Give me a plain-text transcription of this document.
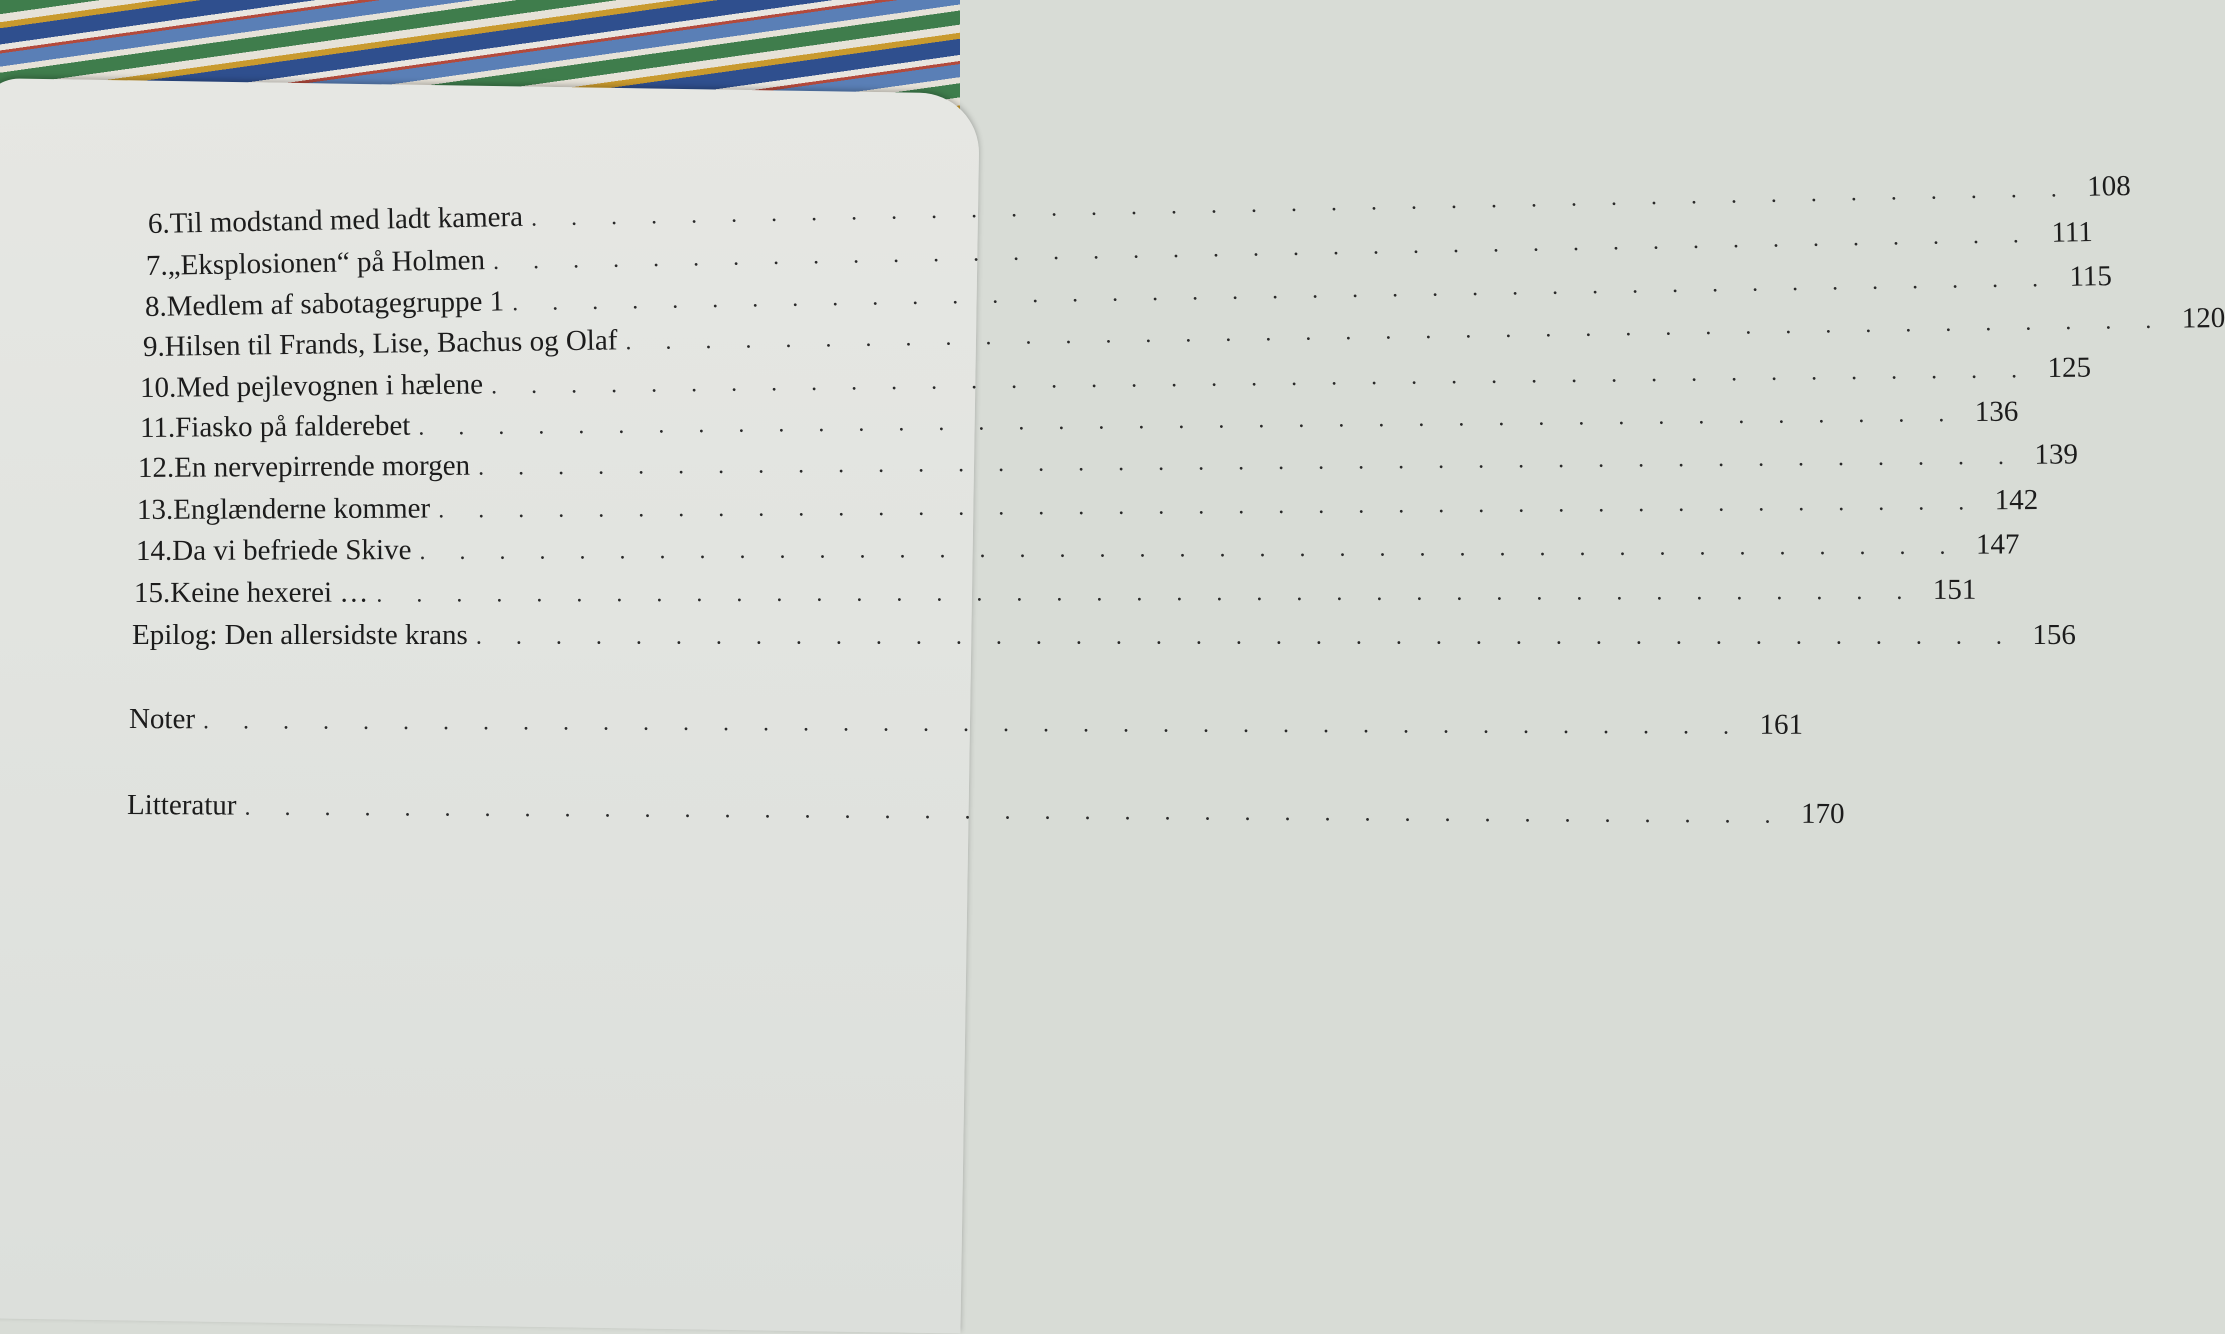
6. Til modstand med ladt kamera . . . . . . . . . . . . . . . . . . . . . . . . . . . . . . . . . . . . . . . 108
7. „Eksplosionen“ på Holmen . . . . . . . . . . . . . . . . . . . . . . . . . . . . . . . . . . . . . . . 111
8. Medlem af sabotagegruppe 1 . . . . . . . . . . . . . . . . . . . . . . . . . . . . . . . . . . . . . . . 115
9. Hilsen til Frands, Lise, Bachus og Olaf . . . . . . . . . . . . . . . . . . . . . . . . . . . . . . . . . . . . . . . 120
10. Med pejlevognen i hælene . . . . . . . . . . . . . . . . . . . . . . . . . . . . . . . . . . . . . . . 125
11. Fiasko på falderebet . . . . . . . . . . . . . . . . . . . . . . . . . . . . . . . . . . . . . . . 136
12. En nervepirrende morgen . . . . . . . . . . . . . . . . . . . . . . . . . . . . . . . . . . . . . . . 139
13. Englænderne kommer . . . . . . . . . . . . . . . . . . . . . . . . . . . . . . . . . . . . . . . 142
14. Da vi befriede Skive . . . . . . . . . . . . . . . . . . . . . . . . . . . . . . . . . . . . . . . 147
15. Keine hexerei … . . . . . . . . . . . . . . . . . . . . . . . . . . . . . . . . . . . . . . . 151
Epilog: Den allersidste krans . . . . . . . . . . . . . . . . . . . . . . . . . . . . . . . . . . . . . . . 156
Noter . . . . . . . . . . . . . . . . . . . . . . . . . . . . . . . . . . . . . . . 161
Litteratur . . . . . . . . . . . . . . . . . . . . . . . . . . . . . . . . . . . . . . . 170
